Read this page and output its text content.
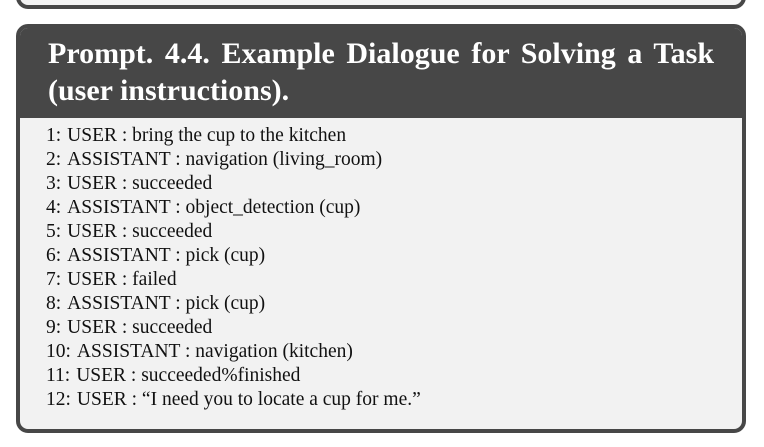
Prompt. 4.4. Example Dialogue for Solving a Task (user instructions).
1: USER : bring the cup to the kitchen
2: ASSISTANT : navigation (living_room)
3: USER : succeeded
4: ASSISTANT : object_detection (cup)
5: USER : succeeded
6: ASSISTANT : pick (cup)
7: USER : failed
8: ASSISTANT : pick (cup)
9: USER : succeeded
10: ASSISTANT : navigation (kitchen)
11: USER : succeeded%finished
12: USER : “I need you to locate a cup for me.”
